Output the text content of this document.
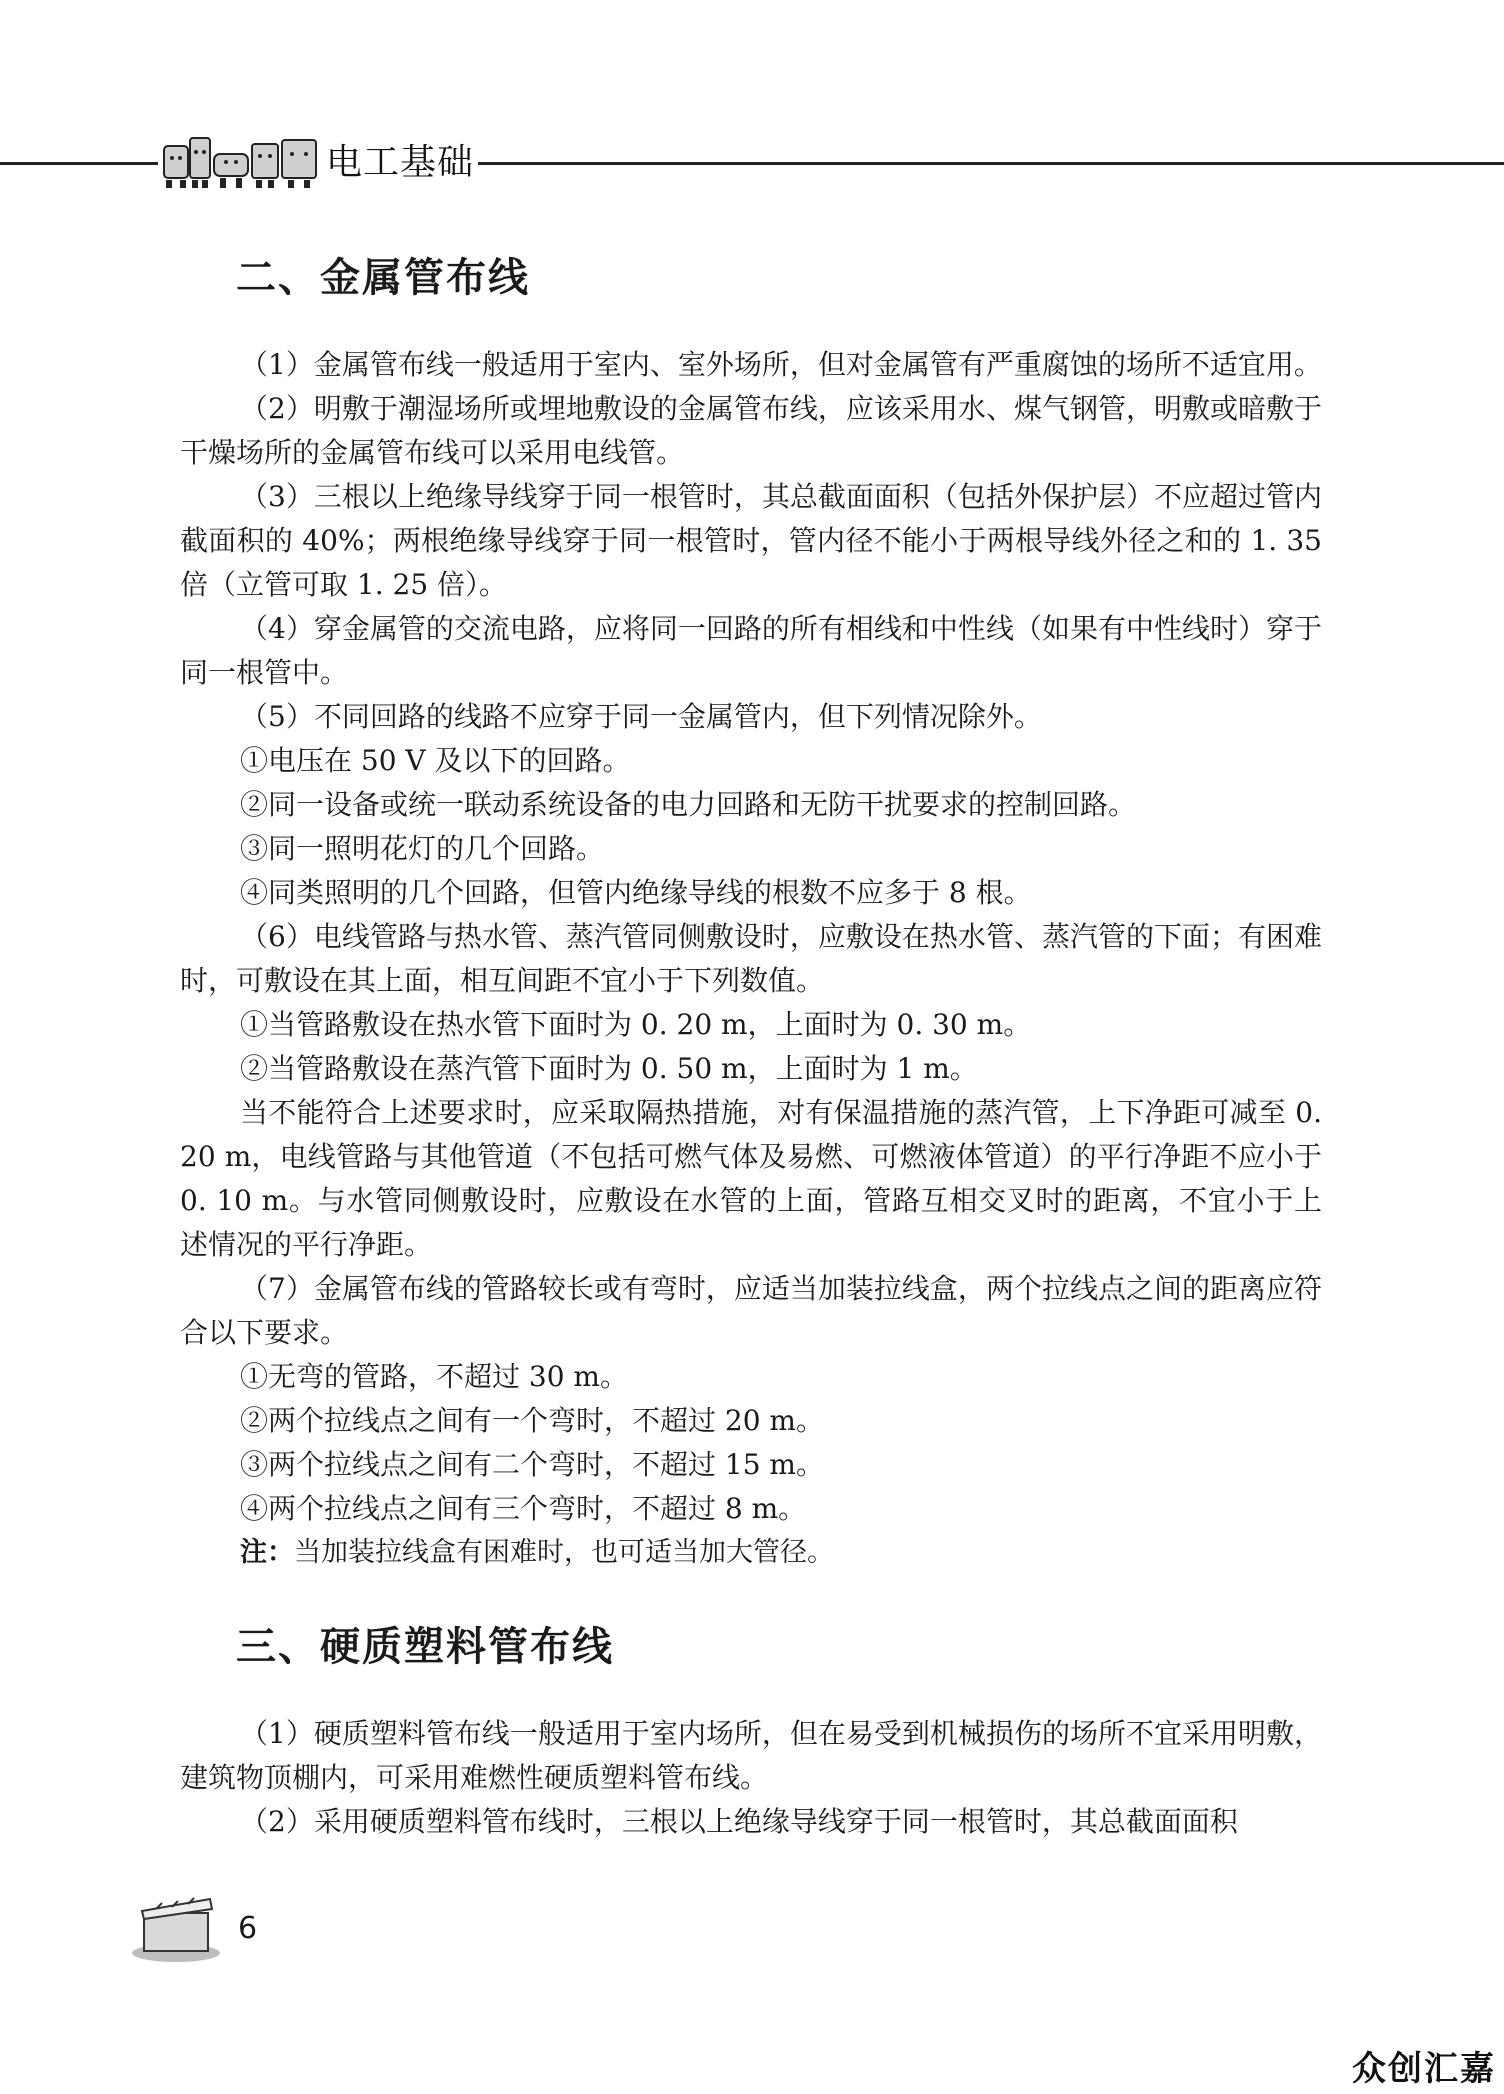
电工基础
二、金属管布线

（1）金属管布线一般适用于室内、室外场所，但对金属管有严重腐蚀的场所不适宜用。

（2）明敷于潮湿场所或埋地敷设的金属管布线，应该采用水、煤气钢管，明敷或暗敷于干燥场所的金属管布线可以采用电线管。

（3）三根以上绝缘导线穿于同一根管时，其总截面面积（包括外保护层）不应超过管内截面积的 40%；两根绝缘导线穿于同一根管时，管内径不能小于两根导线外径之和的 1. 35 倍（立管可取 1. 25 倍）。

（4）穿金属管的交流电路，应将同一回路的所有相线和中性线（如果有中性线时）穿于同一根管中。

（5）不同回路的线路不应穿于同一金属管内，但下列情况除外。

①电压在 50 V 及以下的回路。

②同一设备或统一联动系统设备的电力回路和无防干扰要求的控制回路。

③同一照明花灯的几个回路。

④同类照明的几个回路，但管内绝缘导线的根数不应多于 8 根。

（6）电线管路与热水管、蒸汽管同侧敷设时，应敷设在热水管、蒸汽管的下面；有困难时，可敷设在其上面，相互间距不宜小于下列数值。

①当管路敷设在热水管下面时为 0. 20 m，上面时为 0. 30 m。

②当管路敷设在蒸汽管下面时为 0. 50 m，上面时为 1 m。

当不能符合上述要求时，应采取隔热措施，对有保温措施的蒸汽管，上下净距可减至 0. 20 m，电线管路与其他管道（不包括可燃气体及易燃、可燃液体管道）的平行净距不应小于 0. 10 m。与水管同侧敷设时，应敷设在水管的上面，管路互相交叉时的距离，不宜小于上述情况的平行净距。

（7）金属管布线的管路较长或有弯时，应适当加装拉线盒，两个拉线点之间的距离应符合以下要求。

①无弯的管路，不超过 30 m。

②两个拉线点之间有一个弯时，不超过 20 m。

③两个拉线点之间有二个弯时，不超过 15 m。

④两个拉线点之间有三个弯时，不超过 8 m。

注：当加装拉线盒有困难时，也可适当加大管径。

三、硬质塑料管布线

（1）硬质塑料管布线一般适用于室内场所，但在易受到机械损伤的场所不宜采用明敷，建筑物顶棚内，可采用难燃性硬质塑料管布线。

（2）采用硬质塑料管布线时，三根以上绝缘导线穿于同一根管时，其总截面面积

6
众创汇嘉
